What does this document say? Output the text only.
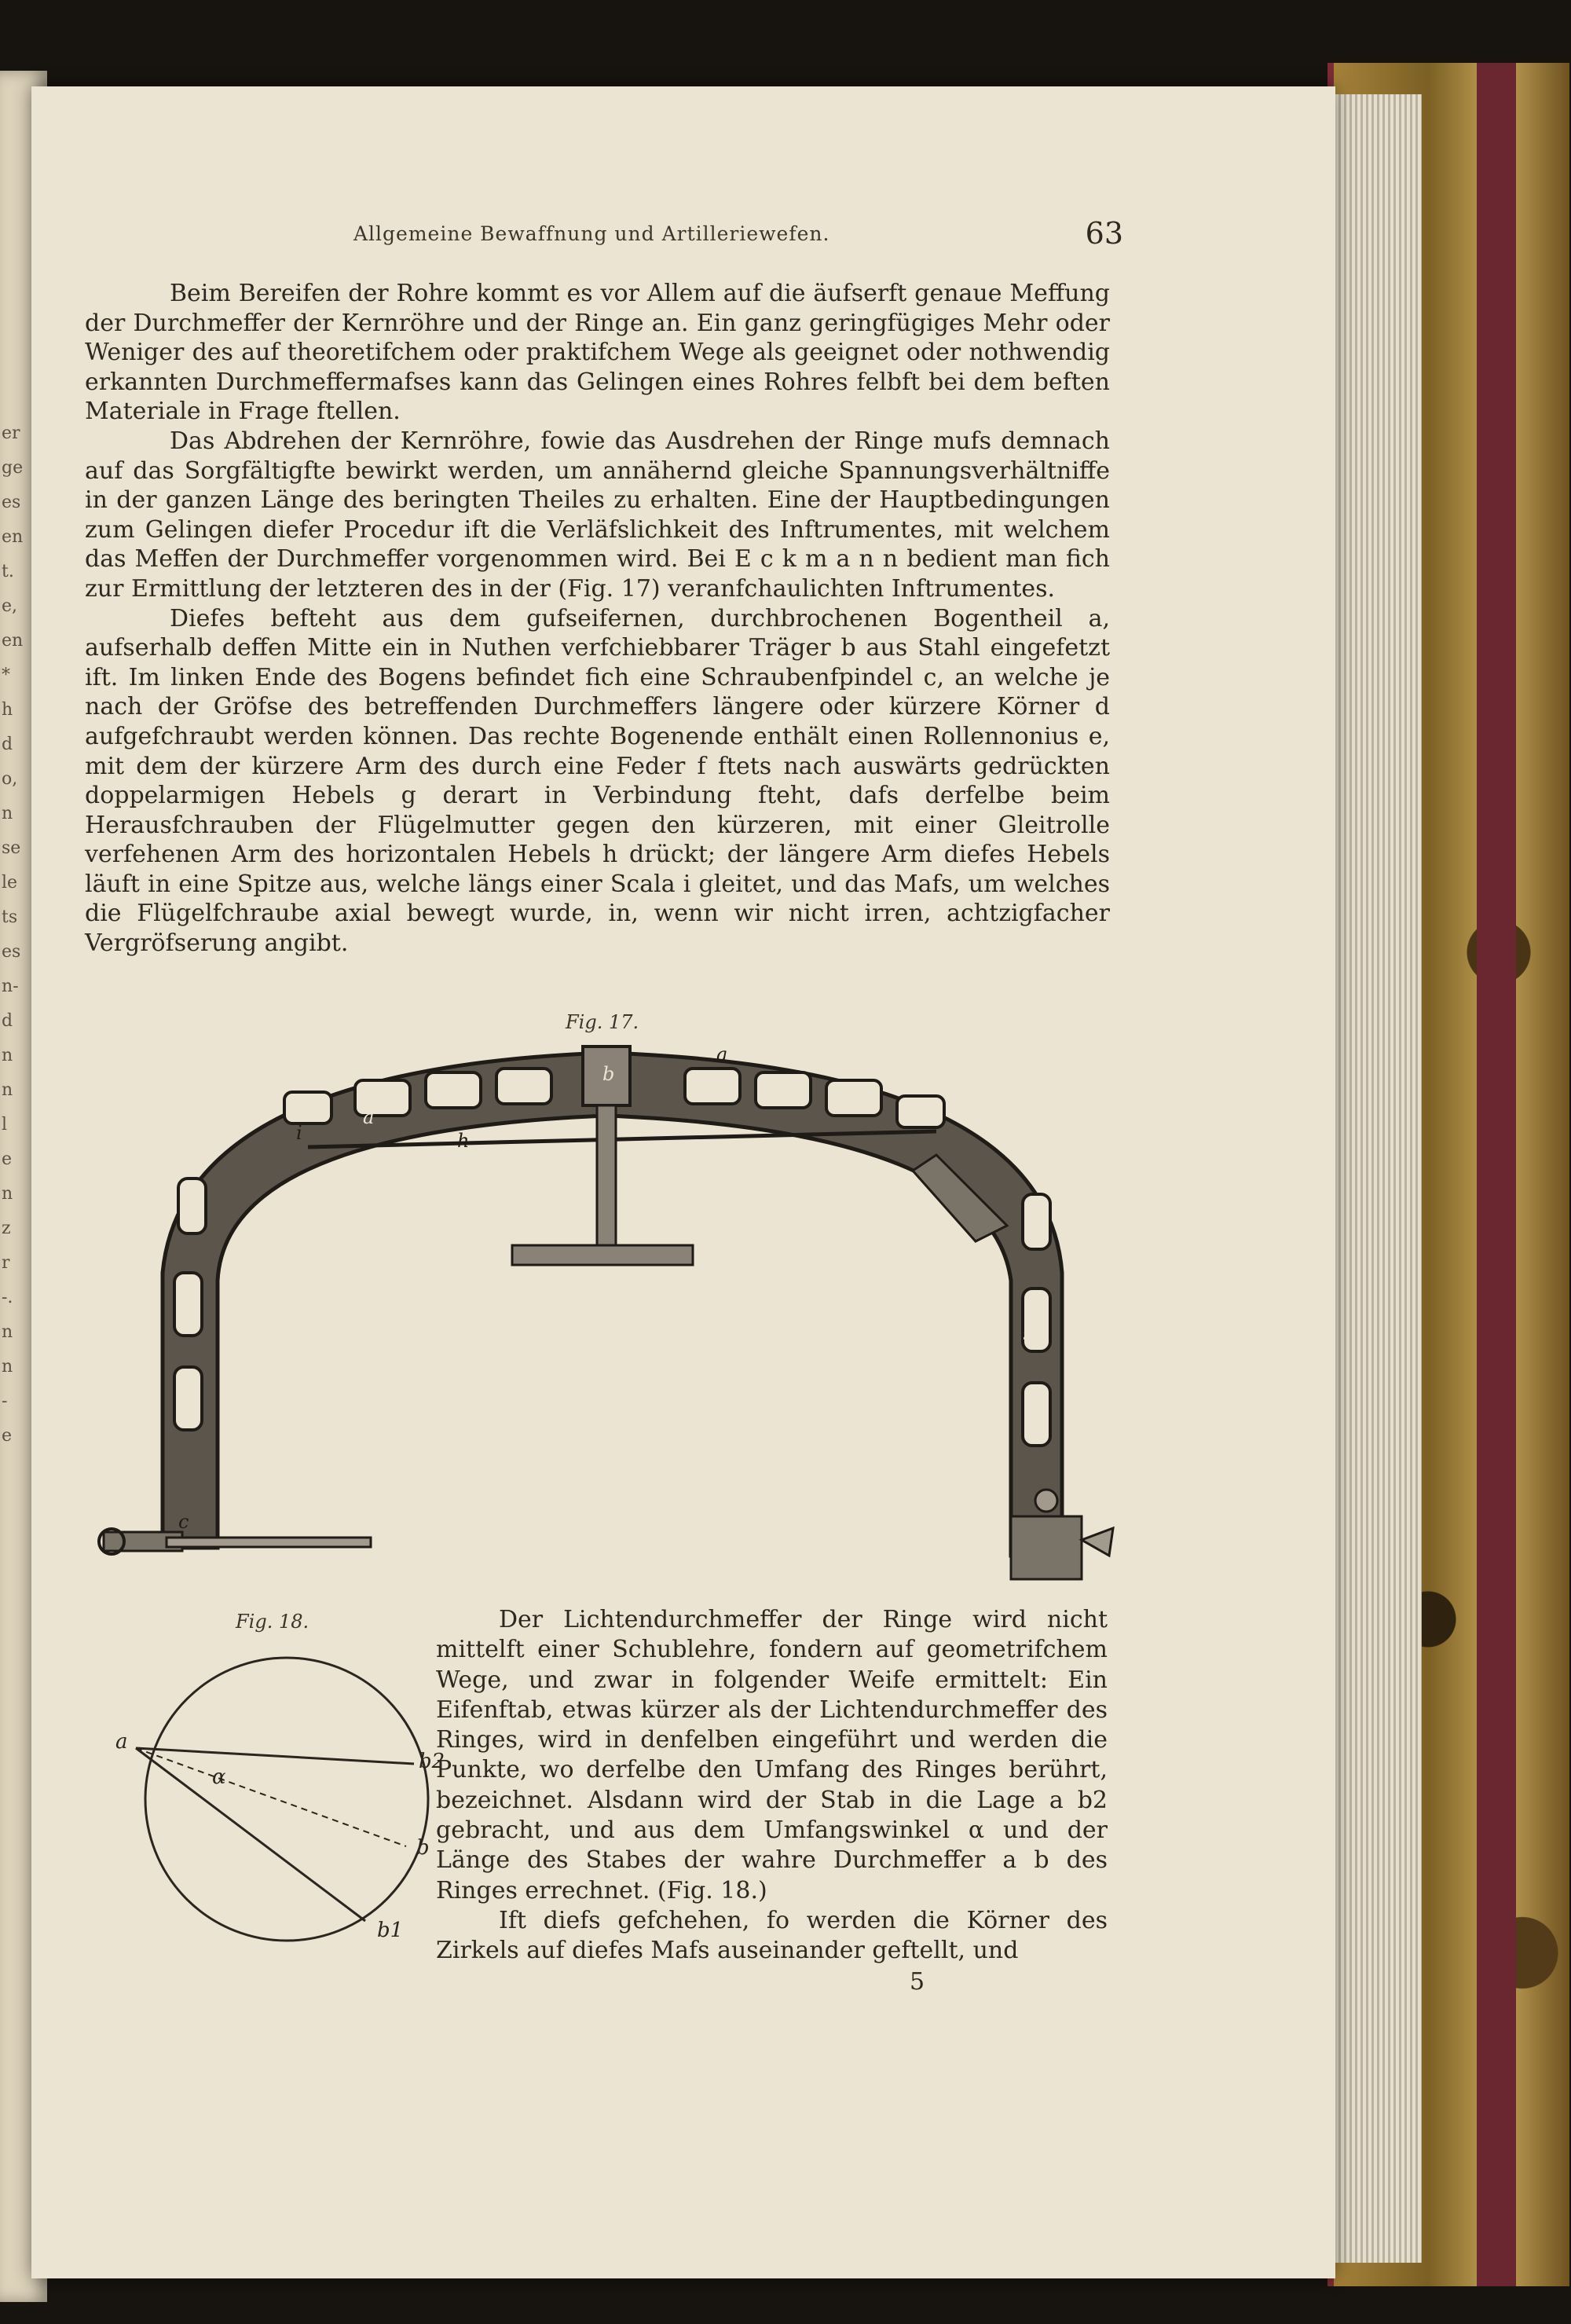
er
ge
es
en
t.
e,
en
*
h
d
o,
n
se
le
ts
es
n-
d
n
n
l
e
n
z
r
-.
n
n
-
e
Allgemeine Bewaffnung und Artilleriewefen.	63

Beim Bereifen der Rohre kommt es vor Allem auf die äufserft genaue Meffung der Durchmeffer der Kernröhre und der Ringe an. Ein ganz geringfügiges Mehr oder Weniger des auf theoretifchem oder praktifchem Wege als geeignet oder nothwendig erkannten Durchmeffermafses kann das Gelingen eines Rohres felbft bei dem beften Materiale in Frage ftellen.

Das Abdrehen der Kernröhre, fowie das Ausdrehen der Ringe mufs demnach auf das Sorgfältigfte bewirkt werden, um annähernd gleiche Spannungsverhältniffe in der ganzen Länge des beringten Theiles zu erhalten. Eine der Hauptbedingungen zum Gelingen diefer Procedur ift die Verläfslichkeit des Inftrumentes, mit welchem das Meffen der Durchmeffer vorgenommen wird. Bei E c k m a n n bedient man fich zur Ermittlung der letzteren des in der (Fig. 17) veranfchaulichten Inftrumentes.

Diefes befteht aus dem gufseifernen, durchbrochenen Bogentheil a, aufserhalb deffen Mitte ein in Nuthen verfchiebbarer Träger b aus Stahl eingefetzt ift. Im linken Ende des Bogens befindet fich eine Schraubenfpindel c, an welche je nach der Gröfse des betreffenden Durchmeffers längere oder kürzere Körner d aufgefchraubt werden können. Das rechte Bogenende enthält einen Rollennonius e, mit dem der kürzere Arm des durch eine Feder f ftets nach auswärts gedrückten doppelarmigen Hebels g derart in Verbindung fteht, dafs derfelbe beim Herausfchrauben der Flügelmutter gegen den kürzeren, mit einer Gleitrolle verfehenen Arm des horizontalen Hebels h drückt; der längere Arm diefes Hebels läuft in eine Spitze aus, welche längs einer Scala i gleitet, und das Mafs, um welches die Flügelfchraube axial bewegt wurde, in, wenn wir nicht irren, achtzigfacher Vergröfserung angibt.

Fig. 17.
a
a
b
i	h
g
c
Fig. 18.
a
b2
b
b1
α

Der Lichtendurchmeffer der Ringe wird nicht mittelft einer Schublehre, fondern auf geometrifchem Wege, und zwar in folgender Weife ermittelt: Ein Eifenftab, etwas kürzer als der Lichtendurchmeffer des Ringes, wird in denfelben eingeführt und werden die Punkte, wo derfelbe den Umfang des Ringes berührt, bezeichnet. Alsdann wird der Stab in die Lage a b2 gebracht, und aus dem Umfangswinkel α und der Länge des Stabes der wahre Durchmeffer a b des Ringes errechnet. (Fig. 18.)

Ift diefs gefchehen, fo werden die Körner des Zirkels auf diefes Mafs auseinander geftellt, und

5
